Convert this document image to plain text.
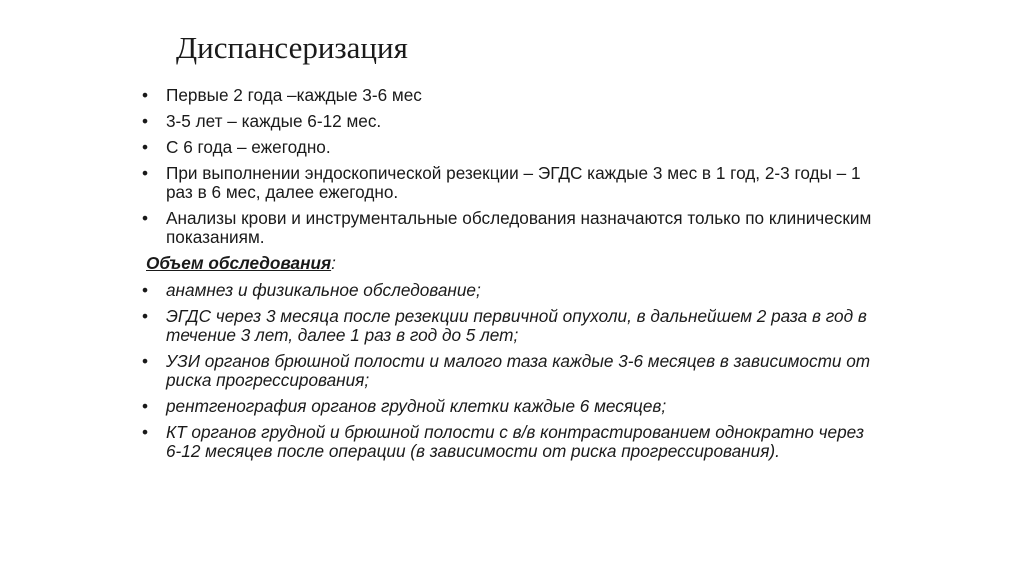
Диспансеризация
• Первые 2 года –каждые 3-6 мес
• 3-5 лет – каждые 6-12 мес.
• С 6 года – ежегодно.
• При выполнении эндоскопической резекции – ЭГДС каждые 3 мес в 1 год, 2-3 годы – 1 раз в 6 мес, далее ежегодно.
• Анализы крови и инструментальные обследования назначаются только по клиническим показаниям.
Объем обследования:
• анамнез и физикальное обследование;
• ЭГДС через 3 месяца после резекции первичной опухоли, в дальнейшем 2 раза в год в течение 3 лет, далее 1 раз в год до 5 лет;
• УЗИ органов брюшной полости и малого таза каждые 3-6 месяцев в зависимости от риска прогрессирования;
• рентгенография органов грудной клетки каждые 6 месяцев;
• КТ органов грудной и брюшной полости с в/в контрастированием однократно через 6-12 месяцев после операции (в зависимости от риска прогрессирования).
